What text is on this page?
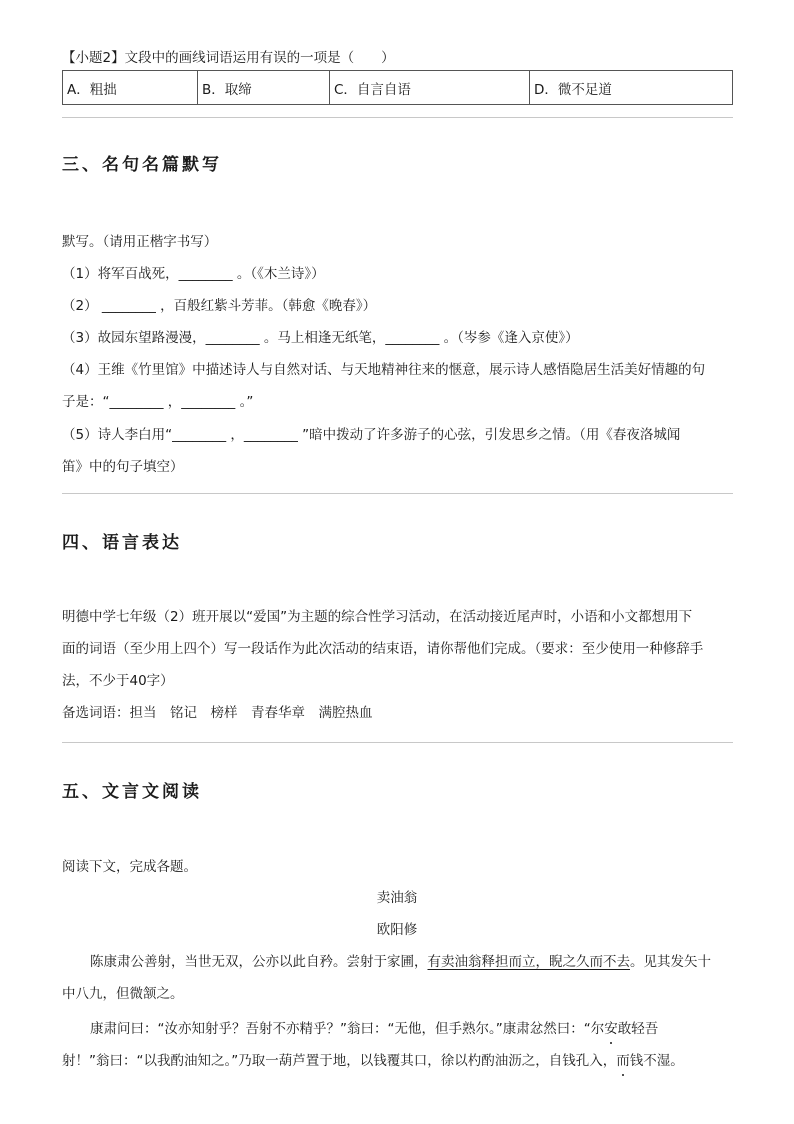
【小题2】文段中的画线词语运用有误的一项是（　　）
A．粗拙	B．取缔	C．自言自语	D．微不足道
三、名句名篇默写
默写。（请用正楷字书写）
（1）将军百战死，________ 。（《木兰诗》）
（2） ________ ，百般红紫斗芳菲。（韩愈《晚春》）
（3）故园东望路漫漫，________ 。马上相逢无纸笔，________ 。（岑参《逢入京使》）
（4）王维《竹里馆》中描述诗人与自然对话、与天地精神往来的惬意，展示诗人感悟隐居生活美好情趣的句
子是：“________ ，________ 。”
（5）诗人李白用“________ ，________ ”暗中拨动了许多游子的心弦，引发思乡之情。（用《春夜洛城闻
笛》中的句子填空）
四、语言表达
明德中学七年级（2）班开展以“爱国”为主题的综合性学习活动，在活动接近尾声时，小语和小文都想用下
面的词语（至少用上四个）写一段话作为此次活动的结束语，请你帮他们完成。（要求：至少使用一种修辞手
法，不少于40字）
备选词语：担当　铭记　榜样　青春华章　满腔热血
五、文言文阅读
阅读下文，完成各题。
卖油翁
欧阳修
陈康肃公善射，当世无双，公亦以此自矜。尝射于家圃，有卖油翁释担而立，睨之久而不去。见其发矢十
中八九，但微颔之。
康肃问曰：“汝亦知射乎？吾射不亦精乎？”翁曰：“无他，但手熟尔。”康肃忿然曰：“尔安敢轻吾
射！”翁曰：“以我酌油知之。”乃取一葫芦置于地，以钱覆其口，徐以杓酌油沥之，自钱孔入，而钱不湿。
